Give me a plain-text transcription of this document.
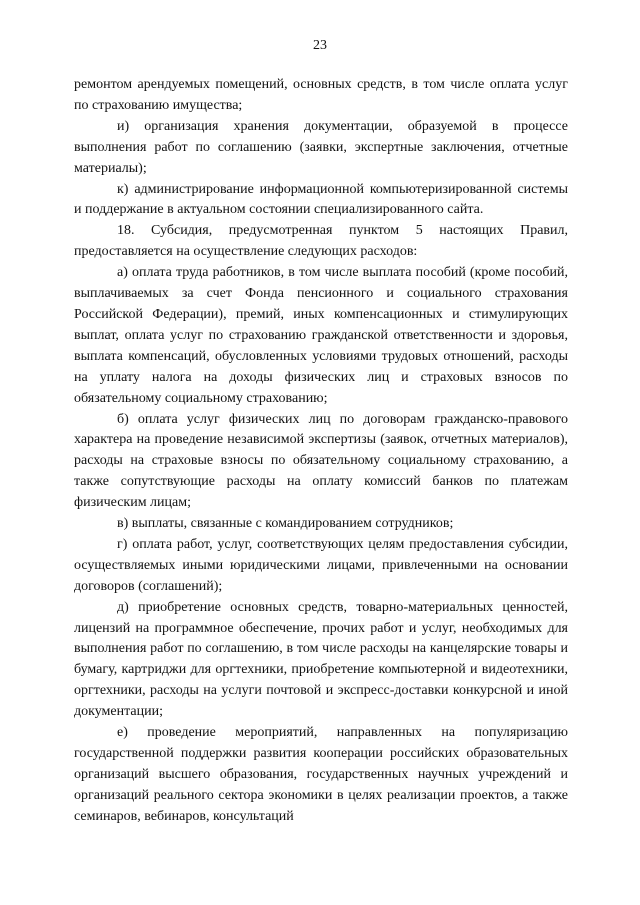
23

ремонтом арендуемых помещений, основных средств, в том числе оплата услуг по страхованию имущества;

и) организация хранения документации, образуемой в процессе выполнения работ по соглашению (заявки, экспертные заключения, отчетные материалы);

к) администрирование информационной компьютеризированной системы и поддержание в актуальном состоянии специализированного сайта.

18. Субсидия, предусмотренная пунктом 5 настоящих Правил, предоставляется на осуществление следующих расходов:

а) оплата труда работников, в том числе выплата пособий (кроме пособий, выплачиваемых за счет Фонда пенсионного и социального страхования Российской Федерации), премий, иных компенсационных и стимулирующих выплат, оплата услуг по страхованию гражданской ответственности и здоровья, выплата компенсаций, обусловленных условиями трудовых отношений, расходы на уплату налога на доходы физических лиц и страховых взносов по обязательному социальному страхованию;

б) оплата услуг физических лиц по договорам гражданско-правового характера на проведение независимой экспертизы (заявок, отчетных материалов), расходы на страховые взносы по обязательному социальному страхованию, а также сопутствующие расходы на оплату комиссий банков по платежам физическим лицам;

в) выплаты, связанные с командированием сотрудников;

г) оплата работ, услуг, соответствующих целям предоставления субсидии, осуществляемых иными юридическими лицами, привлеченными на основании договоров (соглашений);

д) приобретение основных средств, товарно-материальных ценностей, лицензий на программное обеспечение, прочих работ и услуг, необходимых для выполнения работ по соглашению, в том числе расходы на канцелярские товары и бумагу, картриджи для оргтехники, приобретение компьютерной и видеотехники, оргтехники, расходы на услуги почтовой и экспресс-доставки конкурсной и иной документации;

е) проведение мероприятий, направленных на популяризацию государственной поддержки развития кооперации российских образовательных организаций высшего образования, государственных научных учреждений и организаций реального сектора экономики в целях реализации проектов, а также семинаров, вебинаров, консультаций
